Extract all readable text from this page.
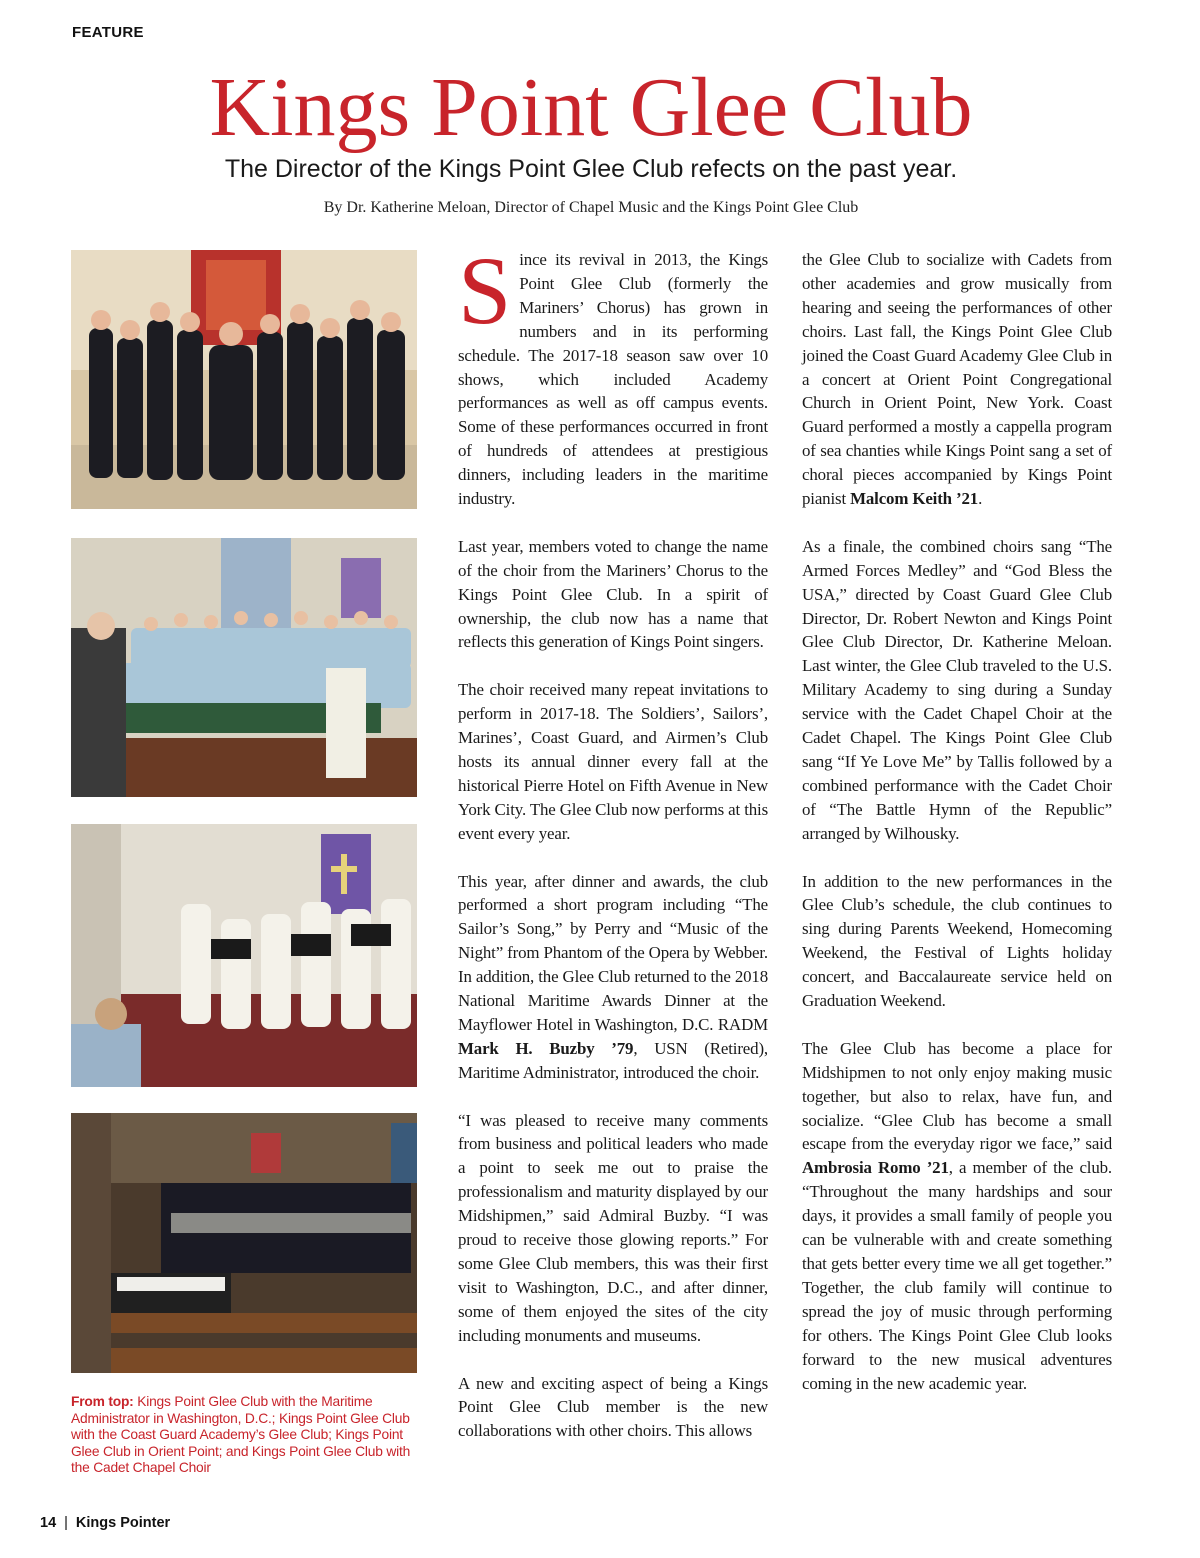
FEATURE
Kings Point Glee Club
The Director of the Kings Point Glee Club refects on the past year.
By Dr. Katherine Meloan, Director of Chapel Music and the Kings Point Glee Club
From top: Kings Point Glee Club with the Maritime Administrator in Washington, D.C.; Kings Point Glee Club with the Coast Guard Academy’s Glee Club; Kings Point Glee Club in Orient Point; and Kings Point Glee Club with the Cadet Chapel Choir

Since its revival in 2013, the Kings Point Glee Club (formerly the Mariners’ Chorus) has grown in numbers and in its performing schedule. The 2017-18 season saw over 10 shows, which included Academy performances as well as off campus events. Some of these performances occurred in front of hundreds of attendees at prestigious dinners, including leaders in the maritime industry.

Last year, members voted to change the name of the choir from the Mariners’ Chorus to the Kings Point Glee Club. In a spirit of ownership, the club now has a name that reflects this generation of Kings Point singers.

The choir received many repeat invitations to perform in 2017-18. The Soldiers’, Sailors’, Marines’, Coast Guard, and Airmen’s Club hosts its annual dinner every fall at the historical Pierre Hotel on Fifth Avenue in New York City. The Glee Club now performs at this event every year.

This year, after dinner and awards, the club performed a short program including “The Sailor’s Song,” by Perry and “Music of the Night” from Phantom of the Opera by Webber. In addition, the Glee Club returned to the 2018 National Maritime Awards Dinner at the Mayflower Hotel in Washington, D.C. RADM Mark H. Buzby ’79, USN (Retired), Maritime Administrator, introduced the choir.

“I was pleased to receive many comments from business and political leaders who made a point to seek me out to praise the professionalism and maturity displayed by our Midshipmen,” said Admiral Buzby. “I was proud to receive those glowing reports.” For some Glee Club members, this was their first visit to Washington, D.C., and after dinner, some of them enjoyed the sites of the city including monuments and museums.

A new and exciting aspect of being a Kings Point Glee Club member is the new collaborations with other choirs. This allows

the Glee Club to socialize with Cadets from other academies and grow musically from hearing and seeing the performances of other choirs. Last fall, the Kings Point Glee Club joined the Coast Guard Academy Glee Club in a concert at Orient Point Congregational Church in Orient Point, New York. Coast Guard performed a mostly a cappella program of sea chanties while Kings Point sang a set of choral pieces accompanied by Kings Point pianist Malcom Keith ’21.

As a finale, the combined choirs sang “The Armed Forces Medley” and “God Bless the USA,” directed by Coast Guard Glee Club Director, Dr. Robert Newton and Kings Point Glee Club Director, Dr. Katherine Meloan. Last winter, the Glee Club traveled to the U.S. Military Academy to sing during a Sunday service with the Cadet Chapel Choir at the Cadet Chapel. The Kings Point Glee Club sang “If Ye Love Me” by Tallis followed by a combined performance with the Cadet Choir of “The Battle Hymn of the Republic” arranged by Wilhousky.

In addition to the new performances in the Glee Club’s schedule, the club continues to sing during Parents Weekend, Homecoming Weekend, the Festival of Lights holiday concert, and Baccalaureate service held on Graduation Weekend.

The Glee Club has become a place for Midshipmen to not only enjoy making music together, but also to relax, have fun, and socialize. “Glee Club has become a small escape from the everyday rigor we face,” said Ambrosia Romo ’21, a member of the club. “Throughout the many hardships and sour days, it provides a small family of people you can be vulnerable with and create something that gets better every time we all get together.” Together, the club family will continue to spread the joy of music through performing for others. The Kings Point Glee Club looks forward to the new musical adventures coming in the new academic year.

14 | Kings Pointer
